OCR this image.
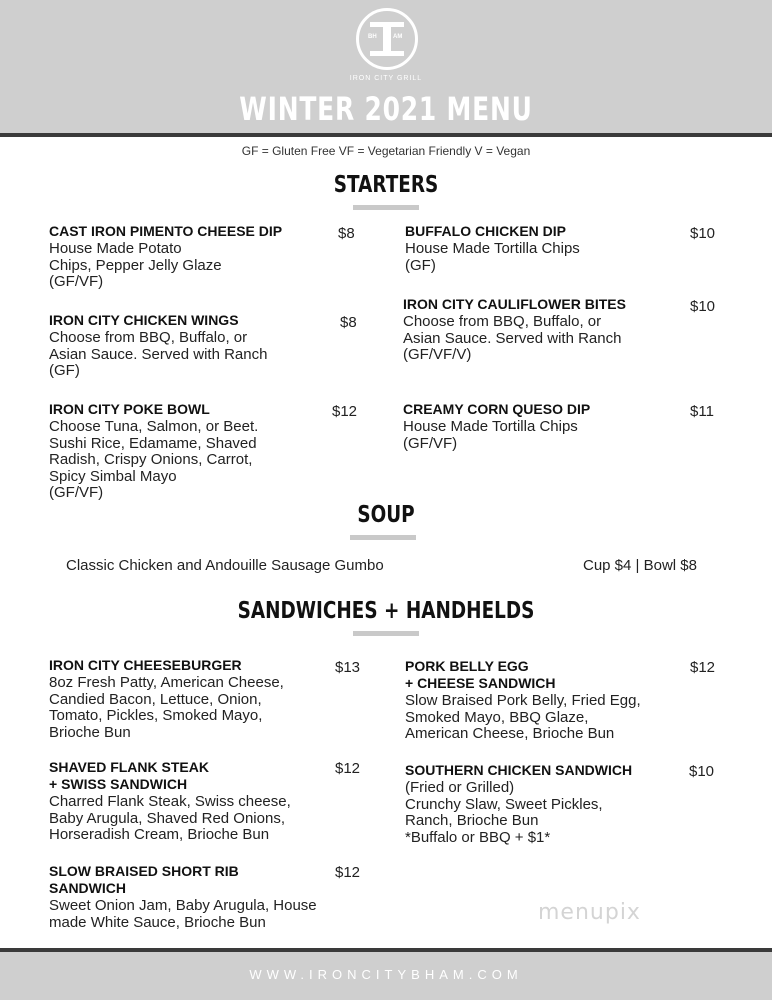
BH	AM
IRON CITY GRILL
WINTER 2021 MENU
GF = Gluten Free VF = Vegetarian Friendly V = Vegan
STARTERS
CAST IRON PIMENTO CHEESE DIP
House Made Potato
Chips, Pepper Jelly Glaze
(GF/VF)
$8	BUFFALO CHICKEN DIP
House Made Tortilla Chips
(GF)
$10
IRON CITY CHICKEN WINGS
Choose from BBQ, Buffalo, or
Asian Sauce. Served with Ranch
(GF)
$8
IRON CITY CAULIFLOWER BITES
Choose from BBQ, Buffalo, or
Asian Sauce. Served with Ranch
(GF/VF/V)
$10
IRON CITY POKE BOWL
Choose Tuna, Salmon, or Beet.
Sushi Rice, Edamame, Shaved
Radish, Crispy Onions, Carrot,
Spicy Simbal Mayo
(GF/VF)
$12	CREAMY CORN QUESO DIP
House Made Tortilla Chips
(GF/VF)
$11
SOUP
Classic Chicken and Andouille Sausage Gumbo	Cup $4 | Bowl $8
SANDWICHES + HANDHELDS
IRON CITY CHEESEBURGER
8oz Fresh Patty, American Cheese,
Candied Bacon, Lettuce, Onion,
Tomato, Pickles, Smoked Mayo,
Brioche Bun
$13	PORK BELLY EGG
+ CHEESE SANDWICH
Slow Braised Pork Belly, Fried Egg,
Smoked Mayo, BBQ Glaze,
American Cheese, Brioche Bun
$12
SHAVED FLANK STEAK
+ SWISS SANDWICH
Charred Flank Steak, Swiss cheese,
Baby Arugula, Shaved Red Onions,
Horseradish Cream, Brioche Bun
$12	SOUTHERN CHICKEN SANDWICH
(Fried or Grilled)
Crunchy Slaw, Sweet Pickles,
Ranch, Brioche Bun
*Buffalo or BBQ + $1*
$10
SLOW BRAISED SHORT RIB
SANDWICH
Sweet Onion Jam, Baby Arugula, House
made White Sauce, Brioche Bun
$12
menupix
WWW.IRONCITYBHAM.COM
